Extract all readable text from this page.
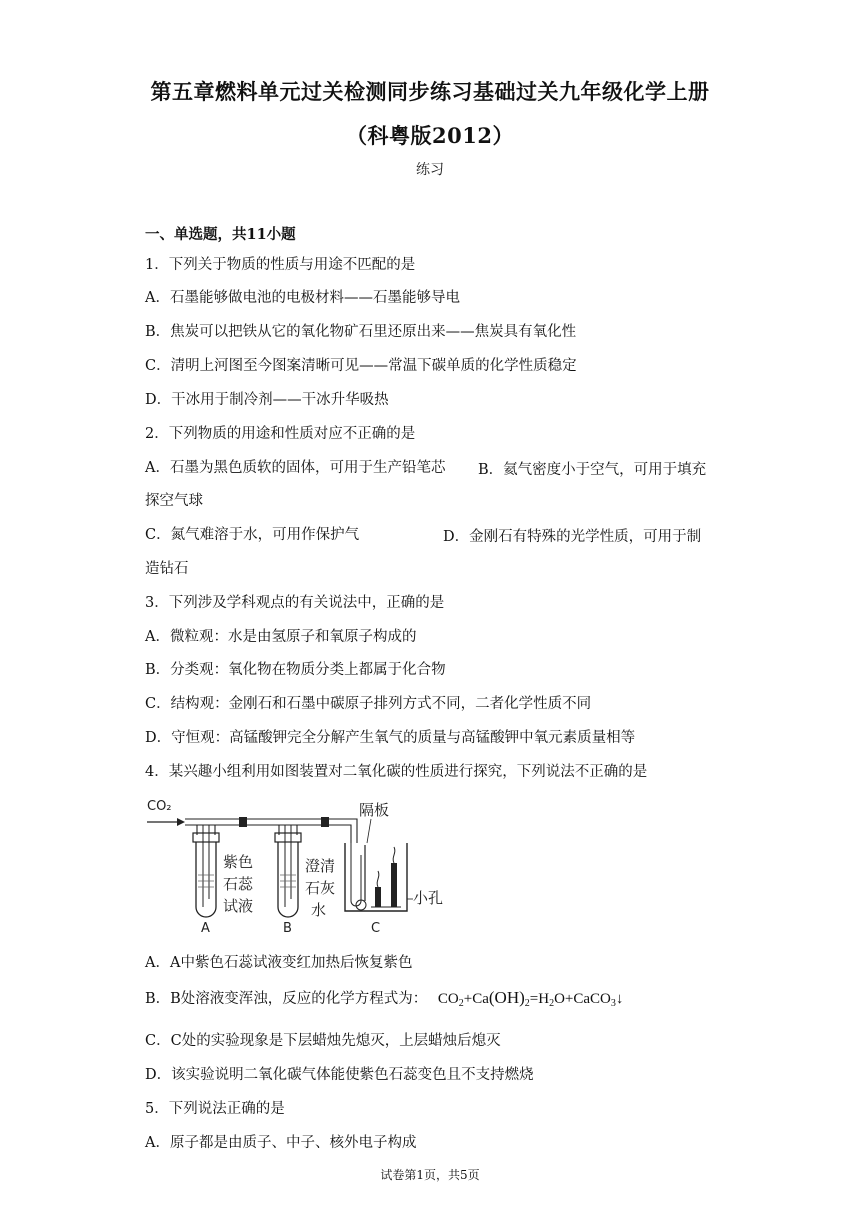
第五章燃料单元过关检测同步练习基础过关九年级化学上册
（科粤版2012）
练习
一、单选题，共11小题
1．下列关于物质的性质与用途不匹配的是
A．石墨能够做电池的电极材料——石墨能够导电
B．焦炭可以把铁从它的氧化物矿石里还原出来——焦炭具有氧化性
C．清明上河图至今图案清晰可见——常温下碳单质的化学性质稳定
D．干冰用于制冷剂——干冰升华吸热
2．下列物质的用途和性质对应不正确的是
A．石墨为黑色质软的固体，可用于生产铅笔芯 B．氦气密度小于空气，可用于填充
探空气球
C．氮气难溶于水，可用作保护气	D．金刚石有特殊的光学性质，可用于制
造钻石
3．下列涉及学科观点的有关说法中，正确的是
A．微粒观：水是由氢原子和氧原子构成的
B．分类观：氧化物在物质分类上都属于化合物
C．结构观：金刚石和石墨中碳原子排列方式不同，二者化学性质不同
D．守恒观：高锰酸钾完全分解产生氧气的质量与高锰酸钾中氧元素质量相等
4．某兴趣小组利用如图装置对二氧化碳的性质进行探究，下列说法不正确的是
CO₂
紫色
石蕊
试液
A
澄清
石灰
水
B
隔板
小孔
C
A．A中紫色石蕊试液变红加热后恢复紫色
B．B处溶液变浑浊，反应的化学方程式为： $CO_2+Ca(OH)_2=H_2O+CaCO_3↓$
C．C处的实验现象是下层蜡烛先熄灭，上层蜡烛后熄灭
D．该实验说明二氧化碳气体能使紫色石蕊变色且不支持燃烧
5．下列说法正确的是
A．原子都是由质子、中子、核外电子构成
试卷第1页，共5页
